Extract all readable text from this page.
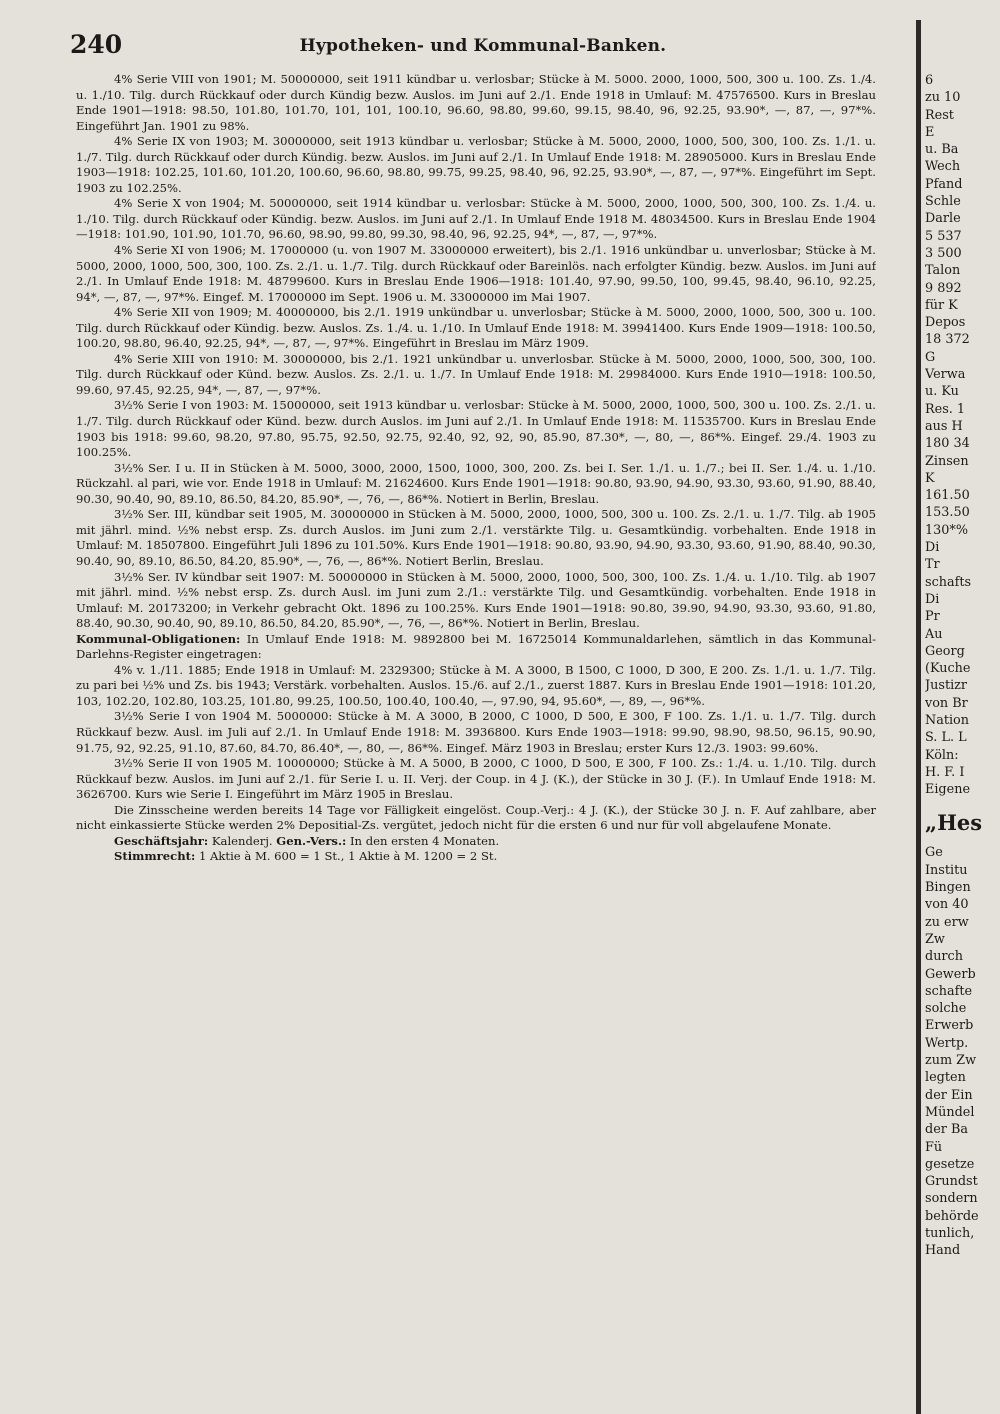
240	Hypotheken- und Kommunal-Banken.

4% Serie VIII von 1901; M. 50000000, seit 1911 kündbar u. verlosbar; Stücke à M. 5000. 2000, 1000, 500, 300 u. 100. Zs. 1./4. u. 1./10. Tilg. durch Rückkauf oder durch Kündig bezw. Auslos. im Juni auf 2./1. Ende 1918 in Umlauf: M. 47576500. Kurs in Breslau Ende 1901—1918: 98.50, 101.80, 101.70, 101, 101, 100.10, 96.60, 98.80, 99.60, 99.15, 98.40, 96, 92.25, 93.90*, —, 87, —, 97*%. Eingeführt Jan. 1901 zu 98%.

4% Serie IX von 1903; M. 30000000, seit 1913 kündbar u. verlosbar; Stücke à M. 5000, 2000, 1000, 500, 300, 100. Zs. 1./1. u. 1./7. Tilg. durch Rückkauf oder durch Kündig. bezw. Auslos. im Juni auf 2./1. In Umlauf Ende 1918: M. 28905000. Kurs in Breslau Ende 1903—1918: 102.25, 101.60, 101.20, 100.60, 96.60, 98.80, 99.75, 99.25, 98.40, 96, 92.25, 93.90*, —, 87, —, 97*%. Eingeführt im Sept. 1903 zu 102.25%.

4% Serie X von 1904; M. 50000000, seit 1914 kündbar u. verlosbar: Stücke à M. 5000, 2000, 1000, 500, 300, 100. Zs. 1./4. u. 1./10. Tilg. durch Rückkauf oder Kündig. bezw. Auslos. im Juni auf 2./1. In Umlauf Ende 1918 M. 48034500. Kurs in Breslau Ende 1904—1918: 101.90, 101.90, 101.70, 96.60, 98.90, 99.80, 99.30, 98.40, 96, 92.25, 94*, —, 87, —, 97*%.

4% Serie XI von 1906; M. 17000000 (u. von 1907 M. 33000000 erweitert), bis 2./1. 1916 unkündbar u. unverlosbar; Stücke à M. 5000, 2000, 1000, 500, 300, 100. Zs. 2./1. u. 1./7. Tilg. durch Rückkauf oder Bareinlös. nach erfolgter Kündig. bezw. Auslos. im Juni auf 2./1. In Umlauf Ende 1918: M. 48799600. Kurs in Breslau Ende 1906—1918: 101.40, 97.90, 99.50, 100, 99.45, 98.40, 96.10, 92.25, 94*, —, 87, —, 97*%. Eingef. M. 17000000 im Sept. 1906 u. M. 33000000 im Mai 1907.

4% Serie XII von 1909; M. 40000000, bis 2./1. 1919 unkündbar u. unverlosbar; Stücke à M. 5000, 2000, 1000, 500, 300 u. 100. Tilg. durch Rückkauf oder Kündig. bezw. Auslos. Zs. 1./4. u. 1./10. In Umlauf Ende 1918: M. 39941400. Kurs Ende 1909—1918: 100.50, 100.20, 98.80, 96.40, 92.25, 94*, —, 87, —, 97*%. Eingeführt in Breslau im März 1909.

4% Serie XIII von 1910: M. 30000000, bis 2./1. 1921 unkündbar u. unverlosbar. Stücke à M. 5000, 2000, 1000, 500, 300, 100. Tilg. durch Rückkauf oder Künd. bezw. Auslos. Zs. 2./1. u. 1./7. In Umlauf Ende 1918: M. 29984000. Kurs Ende 1910—1918: 100.50, 99.60, 97.45, 92.25, 94*, —, 87, —, 97*%.

3½% Serie I von 1903: M. 15000000, seit 1913 kündbar u. verlosbar: Stücke à M. 5000, 2000, 1000, 500, 300 u. 100. Zs. 2./1. u. 1./7. Tilg. durch Rückkauf oder Künd. bezw. durch Auslos. im Juni auf 2./1. In Umlauf Ende 1918: M. 11535700. Kurs in Breslau Ende 1903 bis 1918: 99.60, 98.20, 97.80, 95.75, 92.50, 92.75, 92.40, 92, 92, 90, 85.90, 87.30*, —, 80, —, 86*%. Eingef. 29./4. 1903 zu 100.25%.

3½% Ser. I u. II in Stücken à M. 5000, 3000, 2000, 1500, 1000, 300, 200. Zs. bei I. Ser. 1./1. u. 1./7.; bei II. Ser. 1./4. u. 1./10. Rückzahl. al pari, wie vor. Ende 1918 in Umlauf: M. 21624600. Kurs Ende 1901—1918: 90.80, 93.90, 94.90, 93.30, 93.60, 91.90, 88.40, 90.30, 90.40, 90, 89.10, 86.50, 84.20, 85.90*, —, 76, —, 86*%. Notiert in Berlin, Breslau.

3½% Ser. III, kündbar seit 1905, M. 30000000 in Stücken à M. 5000, 2000, 1000, 500, 300 u. 100. Zs. 2./1. u. 1./7. Tilg. ab 1905 mit jährl. mind. ½% nebst ersp. Zs. durch Auslos. im Juni zum 2./1. verstärkte Tilg. u. Gesamtkündig. vorbehalten. Ende 1918 in Umlauf: M. 18507800. Eingeführt Juli 1896 zu 101.50%. Kurs Ende 1901—1918: 90.80, 93.90, 94.90, 93.30, 93.60, 91.90, 88.40, 90.30, 90.40, 90, 89.10, 86.50, 84.20, 85.90*, —, 76, —, 86*%. Notiert Berlin, Breslau.

3½% Ser. IV kündbar seit 1907: M. 50000000 in Stücken à M. 5000, 2000, 1000, 500, 300, 100. Zs. 1./4. u. 1./10. Tilg. ab 1907 mit jährl. mind. ½% nebst ersp. Zs. durch Ausl. im Juni zum 2./1.: verstärkte Tilg. und Gesamtkündig. vorbehalten. Ende 1918 in Umlauf: M. 20173200; in Verkehr gebracht Okt. 1896 zu 100.25%. Kurs Ende 1901—1918: 90.80, 39.90, 94.90, 93.30, 93.60, 91.80, 88.40, 90.30, 90.40, 90, 89.10, 86.50, 84.20, 85.90*, —, 76, —, 86*%. Notiert in Berlin, Breslau.

Kommunal-Obligationen: In Umlauf Ende 1918: M. 9892800 bei M. 16725014 Kommunaldarlehen, sämtlich in das Kommunal-Darlehns-Register eingetragen:

4% v. 1./11. 1885; Ende 1918 in Umlauf: M. 2329300; Stücke à M. A 3000, B 1500, C 1000, D 300, E 200. Zs. 1./1. u. 1./7. Tilg. zu pari bei ½% und Zs. bis 1943; Verstärk. vorbehalten. Auslos. 15./6. auf 2./1., zuerst 1887. Kurs in Breslau Ende 1901—1918: 101.20, 103, 102.20, 102.80, 103.25, 101.80, 99.25, 100.50, 100.40, 100.40, —, 97.90, 94, 95.60*, —, 89, —, 96*%.

3½% Serie I von 1904 M. 5000000: Stücke à M. A 3000, B 2000, C 1000, D 500, E 300, F 100. Zs. 1./1. u. 1./7. Tilg. durch Rückkauf bezw. Ausl. im Juli auf 2./1. In Umlauf Ende 1918: M. 3936800. Kurs Ende 1903—1918: 99.90, 98.90, 98.50, 96.15, 90.90, 91.75, 92, 92.25, 91.10, 87.60, 84.70, 86.40*, —, 80, —, 86*%. Eingef. März 1903 in Breslau; erster Kurs 12./3. 1903: 99.60%.

3½% Serie II von 1905 M. 10000000; Stücke à M. A 5000, B 2000, C 1000, D 500, E 300, F 100. Zs.: 1./4. u. 1./10. Tilg. durch Rückkauf bezw. Auslos. im Juni auf 2./1. für Serie I. u. II. Verj. der Coup. in 4 J. (K.), der Stücke in 30 J. (F.). In Umlauf Ende 1918: M. 3626700. Kurs wie Serie I. Eingeführt im März 1905 in Breslau.

Die Zinsscheine werden bereits 14 Tage vor Fälligkeit eingelöst. Coup.-Verj.: 4 J. (K.), der Stücke 30 J. n. F. Auf zahlbare, aber nicht einkassierte Stücke werden 2% Depositial-Zs. vergütet, jedoch nicht für die ersten 6 und nur für voll abgelaufene Monate.

Geschäftsjahr: Kalenderj. Gen.-Vers.: In den ersten 4 Monaten.

Stimmrecht: 1 Aktie à M. 600 = 1 St., 1 Aktie à M. 1200 = 2 St.

6
zu 10
Rest
E
u. Ba
Wech
Pfand
Schle
Darle
5 537
3 500
Talon
9 892
für K
Depos
18 372
G
Verwa
u. Ku
Res. 1
aus H
180 34
Zinsen
K
161.50
153.50
130*%
Di
Tr
schafts
Di
Pr
Au
Georg
(Kuche
Justizr
von Br
Nation
S. L. L
Köln:
H. F. I
Eigene
„Hes
Ge
Institu
Bingen
von 40
zu erw
Zw
durch
Gewerb
schafte
solche
Erwerb
Wertp.
zum Zw
legten
der Ein
Mündel
der Ba
Fü
gesetze
Grundst
sondern
behörde
tunlich,
Hand
